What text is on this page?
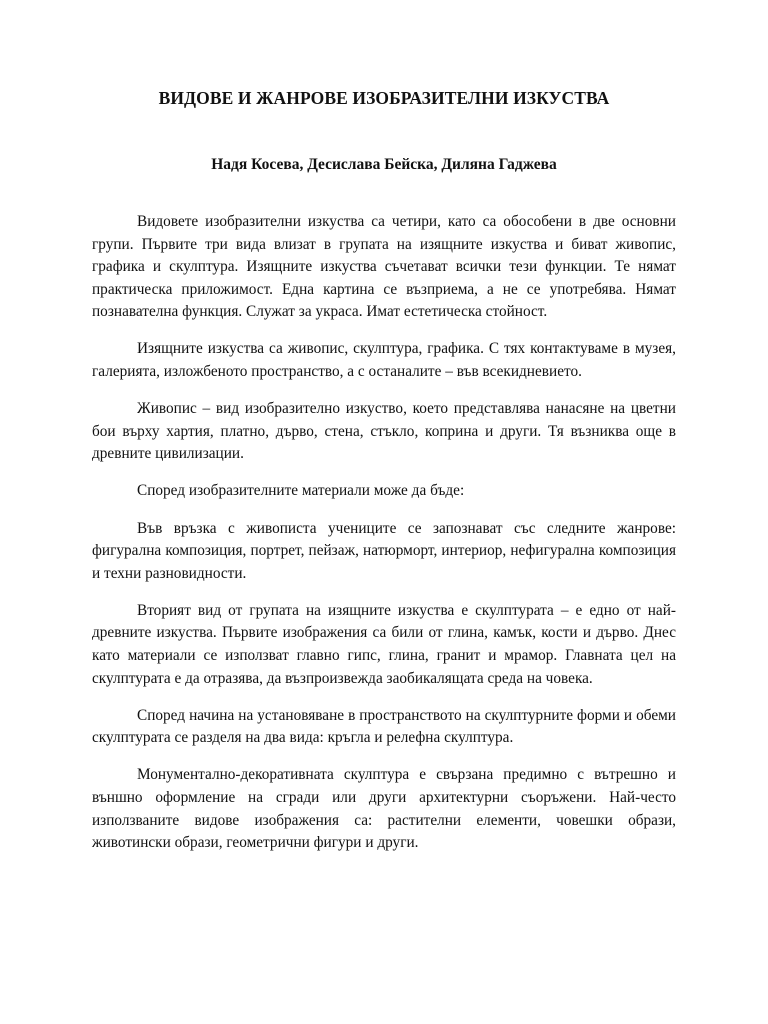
ВИДОВЕ И ЖАНРОВЕ ИЗОБРАЗИТЕЛНИ ИЗКУСТВА
Надя Косева, Десислава Бейска, Диляна Гаджева

Видовете изобразителни изкуства са четири, като са обособени в две основни групи. Първите три вида влизат в групата на изящните изкуства и биват живопис, графика и скулптура. Изящните изкуства съчетават всички тези функции. Те нямат практическа приложимост. Една картина се възприема, а не се употребява. Нямат познавателна функция. Служат за украса. Имат естетическа стойност.

Изящните изкуства са живопис, скулптура, графика. С тях контактуваме в музея, галерията, изложбеното пространство, а с останалите – във всекидневието.

Живопис – вид изобразително изкуство, което представлява нанасяне на цветни бои върху хартия, платно, дърво, стена, стъкло, коприна и други. Тя възниква още в древните цивилизации.

Според изобразителните материали може да бъде:

Във връзка с живописта учениците се запознават със следните жанрове: фигурална композиция, портрет, пейзаж, натюрморт, интериор, нефигурална композиция и техни разновидности.

Вторият вид от групата на изящните изкуства е скулптурата – е едно от най-древните изкуства. Първите изображения са били от глина, камък, кости и дърво. Днес като материали се използват главно гипс, глина, гранит и мрамор. Главната цел на скулптурата е да отразява, да възпроизвежда заобикалящата среда на човека.

Според начина на установяване в пространството на скулптурните форми и обеми скулптурата се разделя на два вида: кръгла и релефна скулптура.

Монументално-декоративната скулптура е свързана предимно с вътрешно и външно оформление на сгради или други архитектурни съоръжени. Най-често използваните видове изображения са: растителни елементи, човешки образи, животински образи, геометрични фигури и други.
